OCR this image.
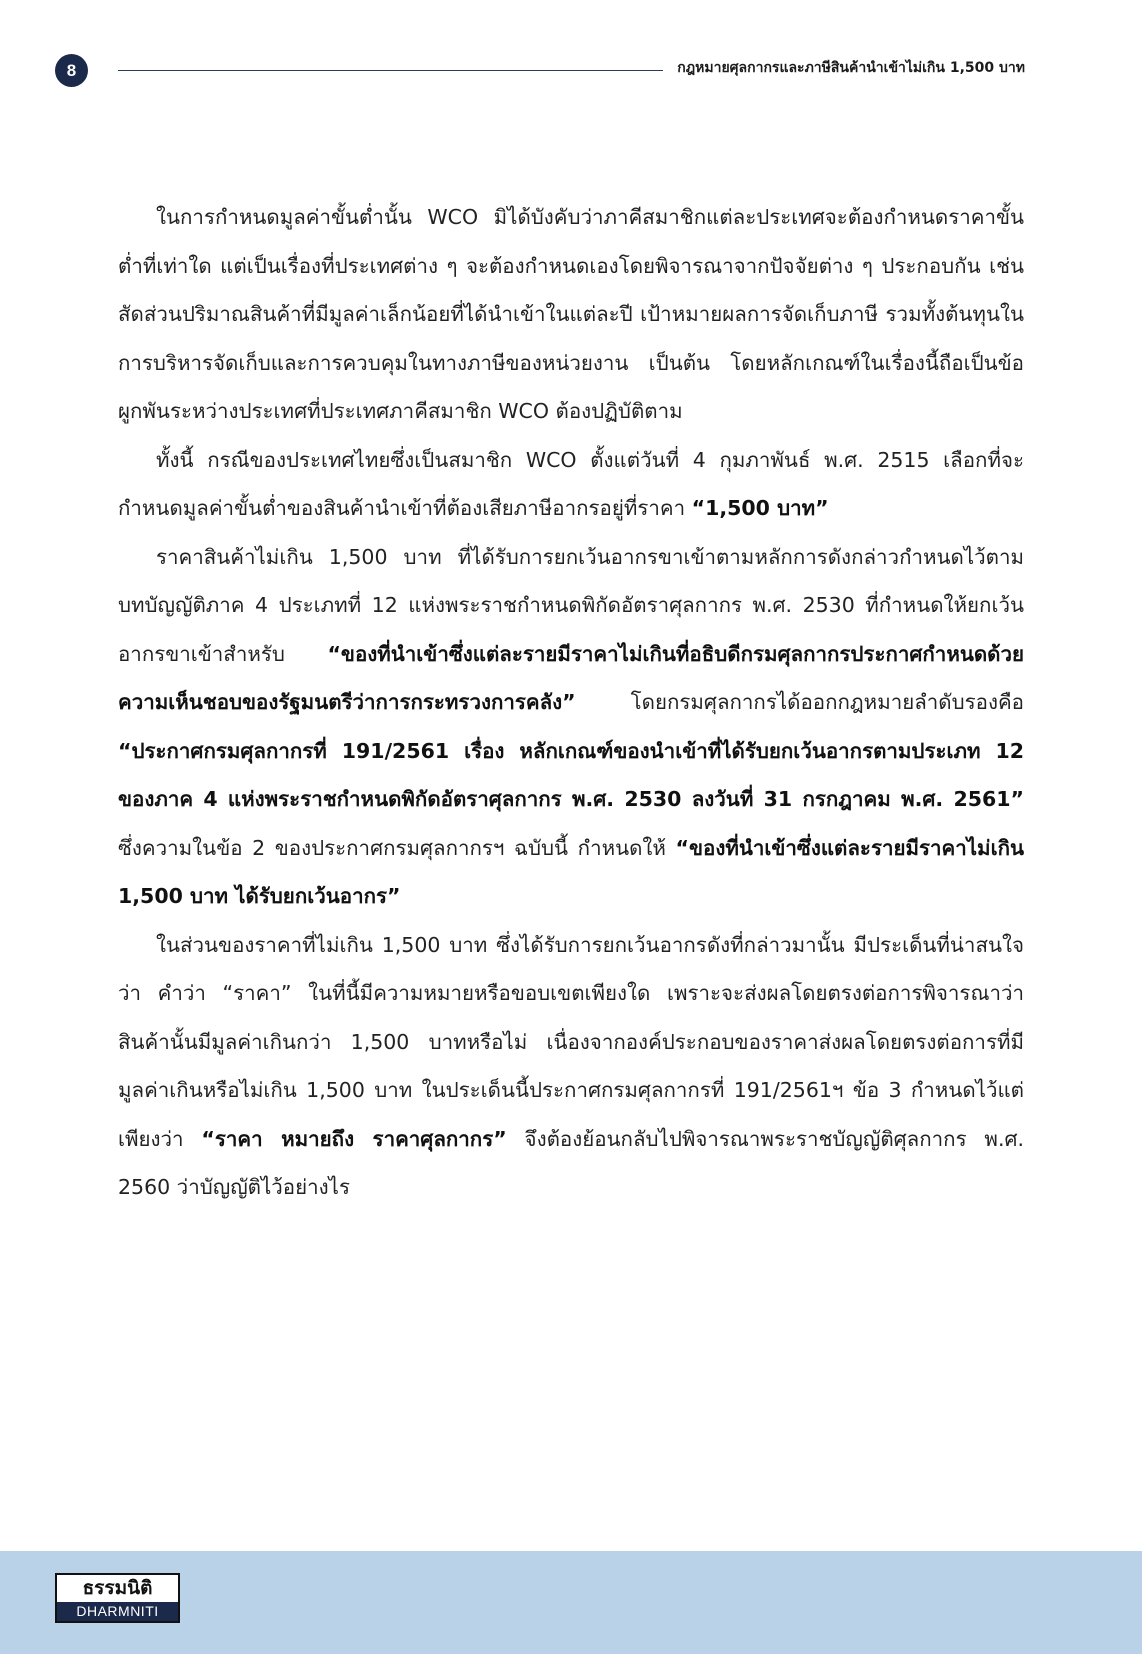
8	กฎหมายศุลกากรและภาษีสินค้านำเข้าไม่เกิน 1,500 บาท

ในการกำหนดมูลค่าขั้นต่ำนั้น WCO มิได้บังคับว่าภาคีสมาชิกแต่ละประเทศจะต้องกำหนดราคาขั้นต่ำที่เท่าใด แต่เป็นเรื่องที่ประเทศต่าง ๆ จะต้องกำหนดเองโดยพิจารณาจากปัจจัยต่าง ๆ ประกอบกัน เช่น สัดส่วนปริมาณสินค้าที่มีมูลค่าเล็กน้อยที่ได้นำเข้าในแต่ละปี เป้าหมายผลการจัดเก็บภาษี รวมทั้งต้นทุนในการบริหารจัดเก็บและการควบคุมในทางภาษีของหน่วยงาน เป็นต้น โดยหลักเกณฑ์ในเรื่องนี้ถือเป็นข้อผูกพันระหว่างประเทศที่ประเทศภาคีสมาชิก WCO ต้องปฏิบัติตาม

ทั้งนี้ กรณีของประเทศไทยซึ่งเป็นสมาชิก WCO ตั้งแต่วันที่ 4 กุมภาพันธ์ พ.ศ. 2515 เลือกที่จะกำหนดมูลค่าขั้นต่ำของสินค้านำเข้าที่ต้องเสียภาษีอากรอยู่ที่ราคา “1,500 บาท”

ราคาสินค้าไม่เกิน 1,500 บาท ที่ได้รับการยกเว้นอากรขาเข้าตามหลักการดังกล่าวกำหนดไว้ตามบทบัญญัติภาค 4 ประเภทที่ 12 แห่งพระราชกำหนดพิกัดอัตราศุลกากร พ.ศ. 2530 ที่กำหนดให้ยกเว้นอากรขาเข้าสำหรับ “ของที่นำเข้าซึ่งแต่ละรายมีราคาไม่เกินที่อธิบดีกรมศุลกากรประกาศกำหนดด้วยความเห็นชอบของรัฐมนตรีว่าการกระทรวงการคลัง” โดยกรมศุลกากรได้ออกกฎหมายลำดับรองคือ “ประกาศกรมศุลกากรที่ 191/2561 เรื่อง หลักเกณฑ์ของนำเข้าที่ได้รับยกเว้นอากรตามประเภท 12 ของภาค 4 แห่งพระราชกำหนดพิกัดอัตราศุลกากร พ.ศ. 2530 ลงวันที่ 31 กรกฎาคม พ.ศ. 2561” ซึ่งความในข้อ 2 ของประกาศกรมศุลกากรฯ ฉบับนี้ กำหนดให้ “ของที่นำเข้าซึ่งแต่ละรายมีราคาไม่เกิน 1,500 บาท ได้รับยกเว้นอากร”

ในส่วนของราคาที่ไม่เกิน 1,500 บาท ซึ่งได้รับการยกเว้นอากรดังที่กล่าวมานั้น มีประเด็นที่น่าสนใจว่า คำว่า “ราคา” ในที่นี้มีความหมายหรือขอบเขตเพียงใด เพราะจะส่งผลโดยตรงต่อการพิจารณาว่าสินค้านั้นมีมูลค่าเกินกว่า 1,500 บาทหรือไม่ เนื่องจากองค์ประกอบของราคาส่งผลโดยตรงต่อการที่มีมูลค่าเกินหรือไม่เกิน 1,500 บาท ในประเด็นนี้ประกาศกรมศุลกากรที่ 191/2561ฯ ข้อ 3 กำหนดไว้แต่เพียงว่า “ราคา หมายถึง ราคาศุลกากร” จึงต้องย้อนกลับไปพิจารณาพระราชบัญญัติศุลกากร พ.ศ. 2560 ว่าบัญญัติไว้อย่างไร

ธรรมนิติ
DHARMNITI
